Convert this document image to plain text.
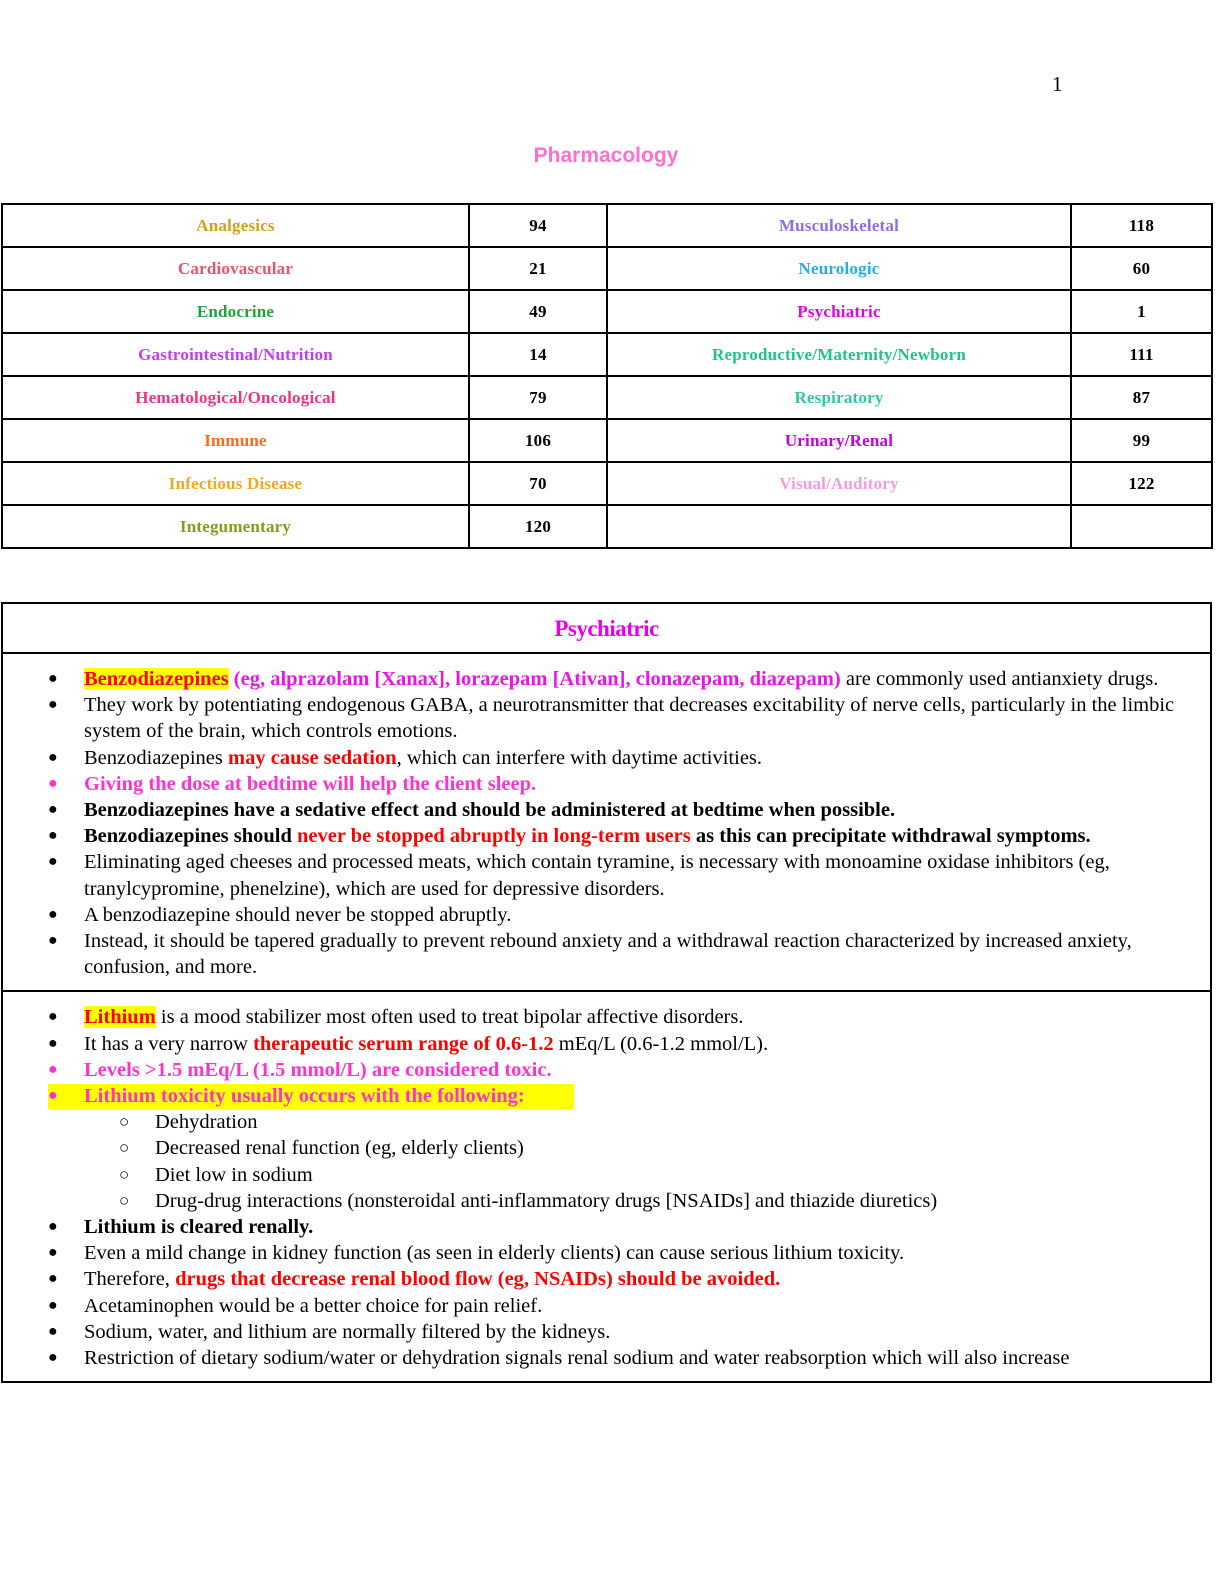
1
Pharmacology
Analgesics	94	Musculoskeletal	118
Cardiovascular	21	Neurologic	60
Endocrine	49	Psychiatric	1
Gastrointestinal/Nutrition	14	Reproductive/Maternity/Newborn	111
Hematological/Oncological	79	Respiratory	87
Immune	106	Urinary/Renal	99
Infectious Disease	70	Visual/Auditory	122
Integumentary	120		
Psychiatric
● Benzodiazepines (eg, alprazolam [Xanax], lorazepam [Ativan], clonazepam, diazepam) are commonly used antianxiety drugs.
● They work by potentiating endogenous GABA, a neurotransmitter that decreases excitability of nerve cells, particularly in the limbic system of the brain, which controls emotions.
● Benzodiazepines may cause sedation, which can interfere with daytime activities.
● Giving the dose at bedtime will help the client sleep.
● Benzodiazepines have a sedative effect and should be administered at bedtime when possible.
● Benzodiazepines should never be stopped abruptly in long-term users as this can precipitate withdrawal symptoms.
● Eliminating aged cheeses and processed meats, which contain tyramine, is necessary with monoamine oxidase inhibitors (eg, tranylcypromine, phenelzine), which are used for depressive disorders.
● A benzodiazepine should never be stopped abruptly.
● Instead, it should be tapered gradually to prevent rebound anxiety and a withdrawal reaction characterized by increased anxiety, confusion, and more.
● Lithium is a mood stabilizer most often used to treat bipolar affective disorders.
● It has a very narrow therapeutic serum range of 0.6-1.2 mEq/L (0.6-1.2 mmol/L).
● Levels >1.5 mEq/L (1.5 mmol/L) are considered toxic.
● Lithium toxicity usually occurs with the following:
○ Dehydration
○ Decreased renal function (eg, elderly clients)
○ Diet low in sodium
○ Drug-drug interactions (nonsteroidal anti-inflammatory drugs [NSAIDs] and thiazide diuretics)
● Lithium is cleared renally.
● Even a mild change in kidney function (as seen in elderly clients) can cause serious lithium toxicity.
● Therefore, drugs that decrease renal blood flow (eg, NSAIDs) should be avoided.
● Acetaminophen would be a better choice for pain relief.
● Sodium, water, and lithium are normally filtered by the kidneys.
● Restriction of dietary sodium/water or dehydration signals renal sodium and water reabsorption which will also increase
